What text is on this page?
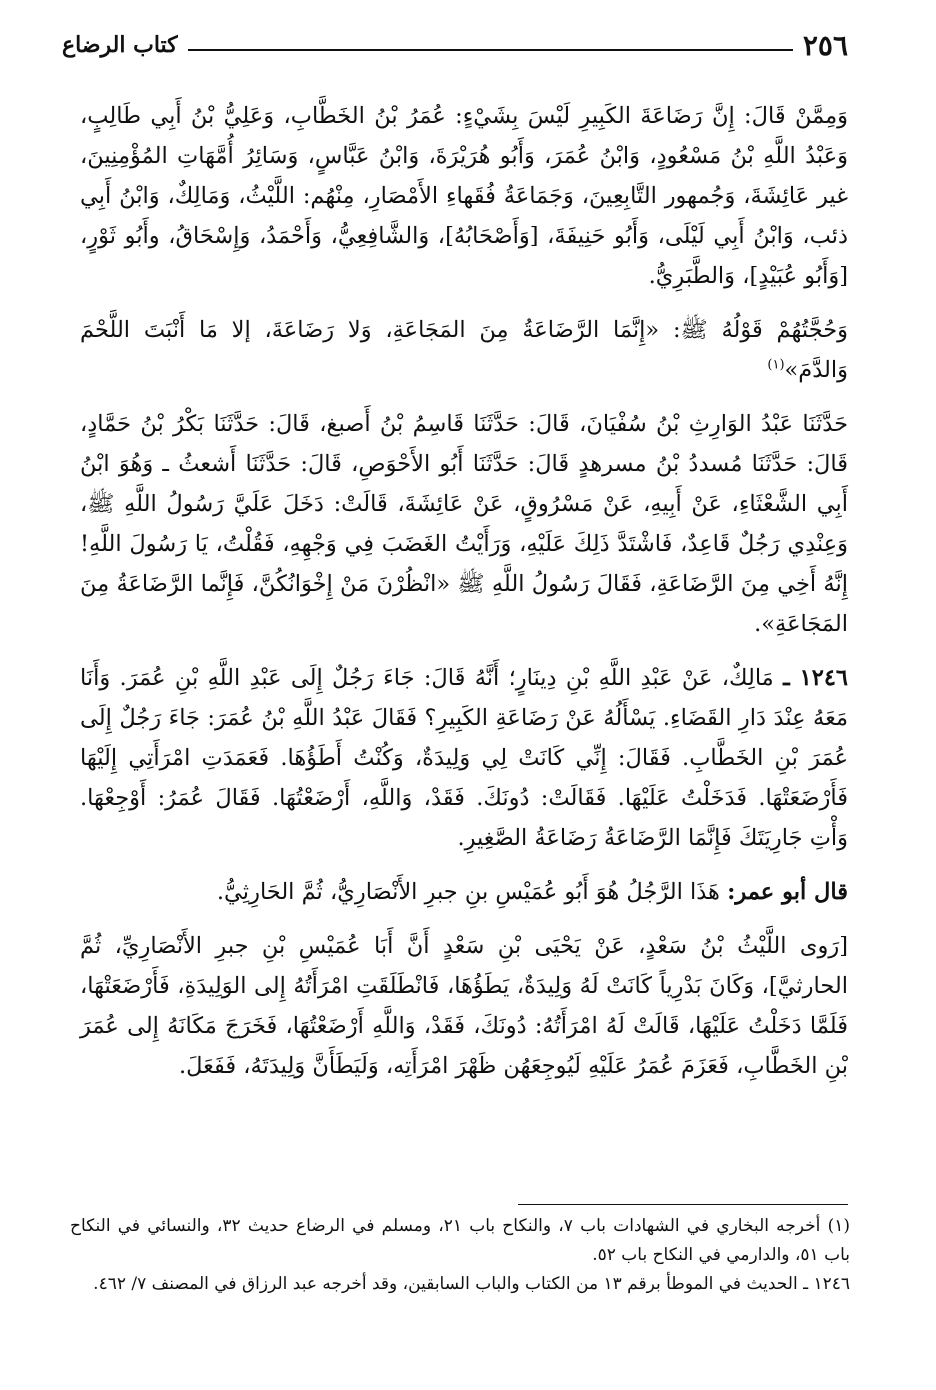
٢٥٦
كتاب الرضاع

وَمِمَّنْ قَالَ: إِنَّ رَضَاعَةَ الكَبِيرِ لَيْسَ بِشَيْءٍ: عُمَرُ بْنُ الخَطَّابِ، وَعَلِيُّ بْنُ أَبِي طَالِبٍ، وَعَبْدُ اللَّهِ بْنُ مَسْعُودٍ، وَابْنُ عُمَرَ، وَأَبُو هُرَيْرَةَ، وَابْنُ عَبَّاسٍ، وَسَائِرُ أُمَّهَاتِ المُؤْمِنِينَ، غير عَائِشَةَ، وَجُمهور التَّابِعِينَ، وَجَمَاعَةُ فُقَهاءِ الأَمْصَارِ، مِنْهُم: اللَّيْثُ، وَمَالِكٌ، وَابْنُ أَبِي ذئب، وَابْنُ أَبِي لَيْلَى، وَأَبُو حَنِيفَةَ، [وَأَصْحَابُهُ]، وَالشَّافِعِيُّ، وَأَحْمَدُ، وَإِسْحَاقُ، وأَبُو ثَوْرٍ، [وَأَبُو عُبَيْدٍ]، وَالطَّبَرِيُّ.

وَحُجَّتُهُمْ قَوْلُهُ ﷺ: «إِنَّمَا الرَّضَاعَةُ مِنَ المَجَاعَةِ، وَلا رَضَاعَةَ، إلا مَا أَنْبَتَ اللَّحْمَ وَالدَّمَ»$^{(١)}$

حَدَّثَنَا عَبْدُ الوَارِثِ بْنُ سُفْيَانَ، قَالَ: حَدَّثَنَا قَاسِمُ بْنُ أَصبغ، قَالَ: حَدَّثَنَا بَكْرُ بْنُ حَمَّادٍ، قَالَ: حَدَّثَنَا مُسددُ بْنُ مسرهدٍ قَالَ: حَدَّثَنَا أَبُو الأَحْوَصِ، قَالَ: حَدَّثَنَا أَشعثُ ـ وَهُوَ ابْنُ أَبِي الشَّعْثَاءِ، عَنْ أَبِيهِ، عَنْ مَسْرُوقٍ، عَنْ عَائِشَةَ، قَالَتْ: دَخَلَ عَلَيَّ رَسُولُ اللَّهِ ﷺ، وَعِنْدِي رَجُلٌ قَاعِدٌ، فَاشْتَدَّ ذَلِكَ عَلَيْهِ، وَرَأَيْتُ الغَضَبَ فِي وَجْهِهِ، فَقُلْتُ، يَا رَسُولَ اللَّهِ! إِنَّهُ أَخِي مِنَ الرَّضَاعَةِ، فَقَالَ رَسُولُ اللَّهِ ﷺ «انْظُرْنَ مَنْ إِخْوَانُكُنَّ، فَإِنَّما الرَّضَاعَةُ مِنَ المَجَاعَةِ».

١٢٤٦ ـ مَالِكٌ، عَنْ عَبْدِ اللَّهِ بْنِ دِينَارٍ؛ أَنَّهُ قَالَ: جَاءَ رَجُلٌ إِلَى عَبْدِ اللَّهِ بْنِ عُمَرَ. وَأَنَا مَعَهُ عِنْدَ دَارِ القَضَاءِ. يَسْأَلُهُ عَنْ رَضَاعَةِ الكَبِيرِ؟ فَقَالَ عَبْدُ اللَّهِ بْنُ عُمَرَ: جَاءَ رَجُلٌ إِلَى عُمَرَ بْنِ الخَطَّابِ. فَقَالَ: إِنِّي كَانَتْ لِي وَلِيدَةٌ، وَكُنْتُ أَطَؤُهَا. فَعَمَدَتِ امْرَأَتِي إِلَيْهَا فَأَرْضَعَتْهَا. فَدَخَلْتُ عَلَيْهَا. فَقَالَتْ: دُونَكَ. فَقَدْ، وَاللَّهِ، أَرْضَعْتُهَا. فَقَالَ عُمَرُ: أَوْجِعْهَا. وَأْتِ جَارِيَتَكَ فَإِنَّمَا الرَّضَاعَةُ رَضَاعَةُ الصَّغِيرِ.

قال أبو عمر: هَذَا الرَّجُلُ هُوَ أَبُو عُمَيْسِ بنِ جبرِ الأَنْصَارِيُّ، ثُمَّ الحَارِثِيُّ.

[رَوى اللَّيْثُ بْنُ سَعْدٍ، عَنْ يَحْيَى بْنِ سَعْدٍ أَنَّ أَبَا عُمَيْسِ بْنِ جبرِ الأَنْصَارِيِّ، ثُمَّ الحارثيَّ]، وَكَانَ بَدْرِياً كَانَتْ لَهُ وَلِيدَةٌ، يَطَؤُهَا، فَانْطَلَقَتِ امْرَأَتُهُ إِلى الوَلِيدَةِ، فَأَرْضَعَتْهَا، فَلَمَّا دَخَلْتُ عَلَيْهَا، قَالَتْ لَهُ امْرَأَتُهُ: دُونَكَ، فَقَدْ، وَاللَّهِ أَرْضَعْتُهَا، فَخَرَجَ مَكَانَهُ إِلى عُمَرَ بْنِ الخَطَّابِ، فَعَزَمَ عُمَرُ عَلَيْهِ لَيُوجِعَهُن ظَهْرَ امْرَأَتِه، وَلَيَطَأَنَّ وَلِيدَتَهُ، فَفَعَلَ.

(١) أخرجه البخاري في الشهادات باب ٧، والنكاح باب ٢١، ومسلم في الرضاع حديث ٣٢، والنسائي في النكاح باب ٥١، والدارمي في النكاح باب ٥٢.

١٢٤٦ ـ الحديث في الموطأ برقم ١٣ من الكتاب والباب السابقين، وقد أخرجه عبد الرزاق في المصنف ٧/ ٤٦٢.
